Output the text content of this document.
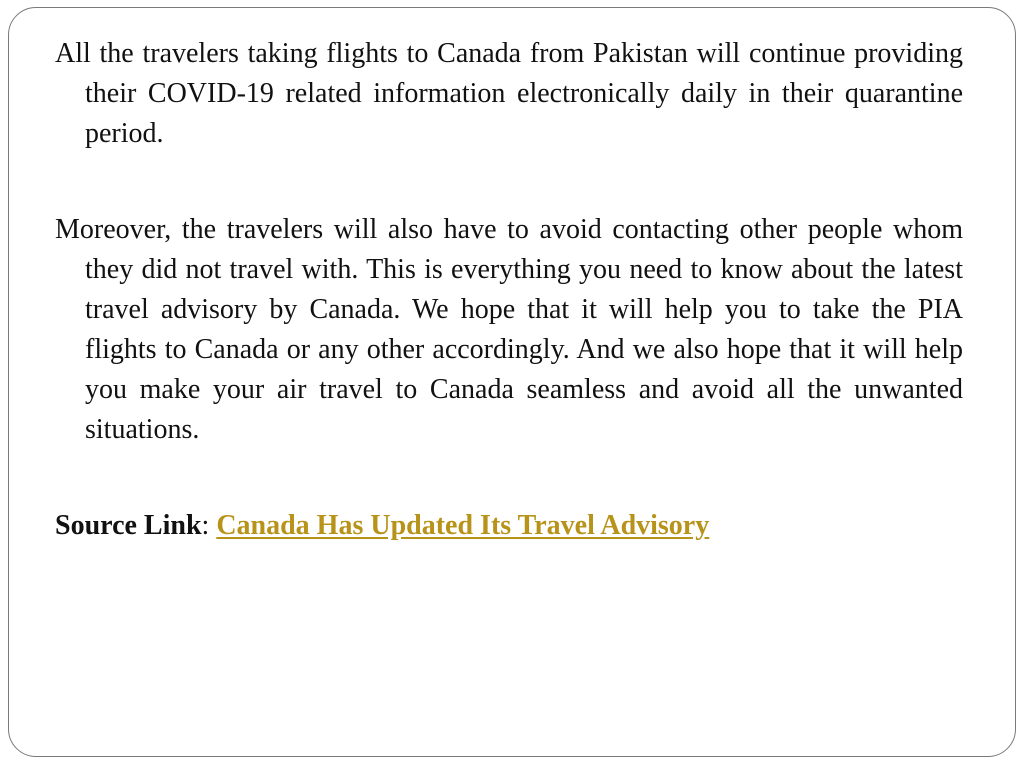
All the travelers taking flights to Canada from Pakistan will continue providing their COVID-19 related information electronically daily in their quarantine period.

Moreover, the travelers will also have to avoid contacting other people whom they did not travel with. This is everything you need to know about the latest travel advisory by Canada. We hope that it will help you to take the PIA flights to Canada or any other accordingly. And we also hope that it will help you make your air travel to Canada seamless and avoid all the unwanted situations.

Source Link: Canada Has Updated Its Travel Advisory
